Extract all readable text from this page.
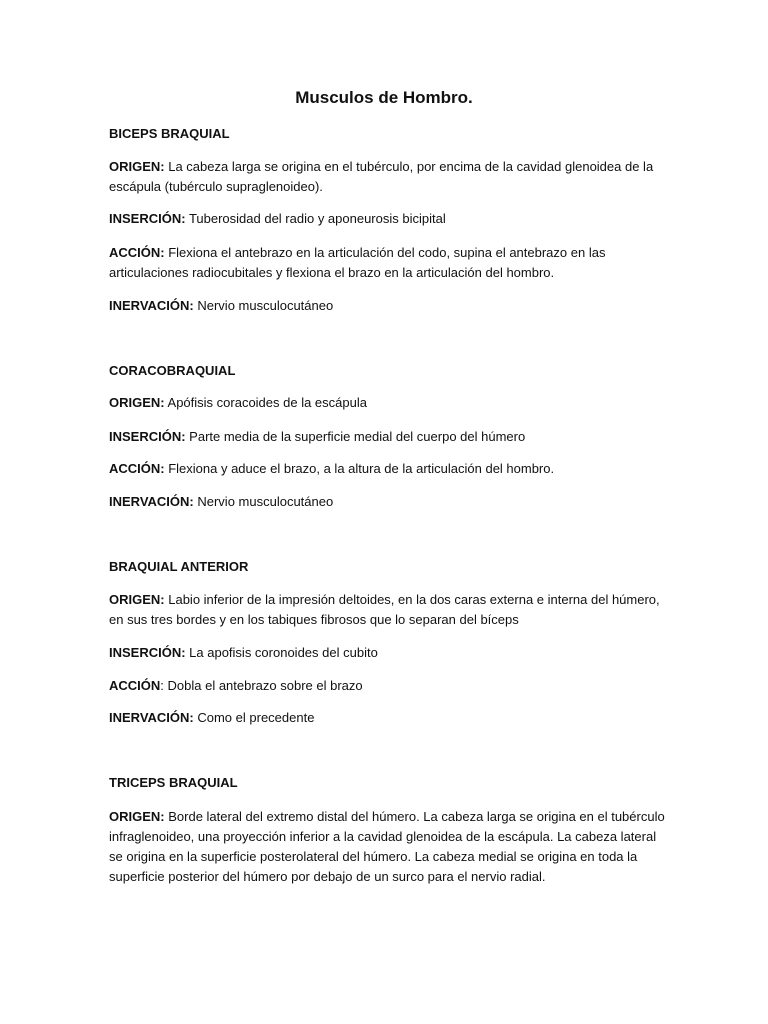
Musculos de Hombro.
BICEPS BRAQUIAL
ORIGEN: La cabeza larga se origina en el tubérculo, por encima de la cavidad glenoidea de la escápula (tubérculo supraglenoideo).
INSERCIÓN: Tuberosidad del radio y aponeurosis bicipital
ACCIÓN: Flexiona el antebrazo en la articulación del codo, supina el antebrazo en las articulaciones radiocubitales y flexiona el brazo en la articulación del hombro.
INERVACIÓN: Nervio musculocutáneo
CORACOBRAQUIAL
ORIGEN: Apófisis coracoides de la escápula
INSERCIÓN: Parte media de la superficie medial del cuerpo del húmero
ACCIÓN: Flexiona y aduce el brazo, a la altura de la articulación del hombro.
INERVACIÓN: Nervio musculocutáneo
BRAQUIAL ANTERIOR
ORIGEN: Labio inferior de la impresión deltoides, en la dos caras externa e interna del húmero, en sus tres bordes y en los tabiques fibrosos que lo separan del bíceps
INSERCIÓN: La apofisis coronoides del cubito
ACCIÓN: Dobla el antebrazo sobre el brazo
INERVACIÓN: Como el precedente
TRICEPS BRAQUIAL
ORIGEN: Borde lateral del extremo distal del húmero. La cabeza larga se origina en el tubérculo infraglenoideo, una proyección inferior a la cavidad glenoidea de la escápula. La cabeza lateral se origina en la superficie posterolateral del húmero. La cabeza medial se origina en toda la superficie posterior del húmero por debajo de un surco para el nervio radial.
